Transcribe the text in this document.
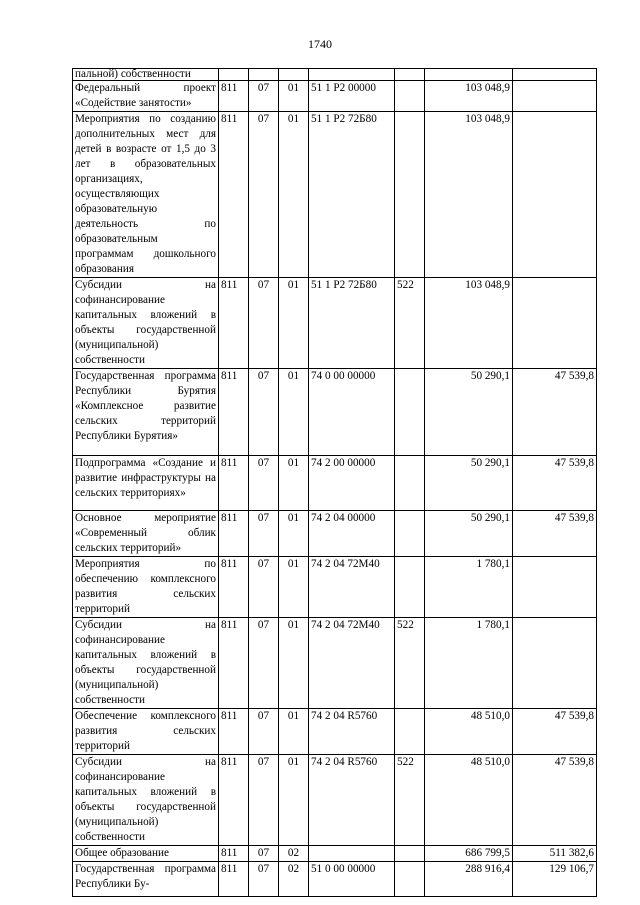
1740
пальной) собственности							
Федеральный проект «Содействие занятости»	811	07	01	51 1 P2 00000		103 048,9	
Мероприятия по созданию дополнительных мест для детей в возрасте от 1,5 до 3 лет в образовательных организациях, осуществляющих образовательную деятельность по образовательным программам дошкольного образования	811	07	01	51 1 P2 72Б80		103 048,9	
Субсидии на софинансирование капитальных вложений в объекты государственной (муниципальной) собственности	811	07	01	51 1 P2 72Б80	522	103 048,9	
Государственная программа Республики Бурятия «Комплексное развитие сельских территорий Республики Бурятия»	811	07	01	74 0 00 00000		50 290,1	47 539,8
Подпрограмма «Создание и развитие инфраструктуры на сельских территориях»	811	07	01	74 2 00 00000		50 290,1	47 539,8
Основное мероприятие «Современный облик сельских территорий»	811	07	01	74 2 04 00000		50 290,1	47 539,8
Мероприятия по обеспечению комплексного развития сельских территорий	811	07	01	74 2 04 72M40		1 780,1	
Субсидии на софинансирование капитальных вложений в объекты государственной (муниципальной) собственности	811	07	01	74 2 04 72M40	522	1 780,1	
Обеспечение комплексного развития сельских территорий	811	07	01	74 2 04 R5760		48 510,0	47 539,8
Субсидии на софинансирование капитальных вложений в объекты государственной (муниципальной) собственности	811	07	01	74 2 04 R5760	522	48 510,0	47 539,8
Общее образование	811	07	02			686 799,5	511 382,6
Государственная программа Республики Бу-	811	07	02	51 0 00 00000		288 916,4	129 106,7
